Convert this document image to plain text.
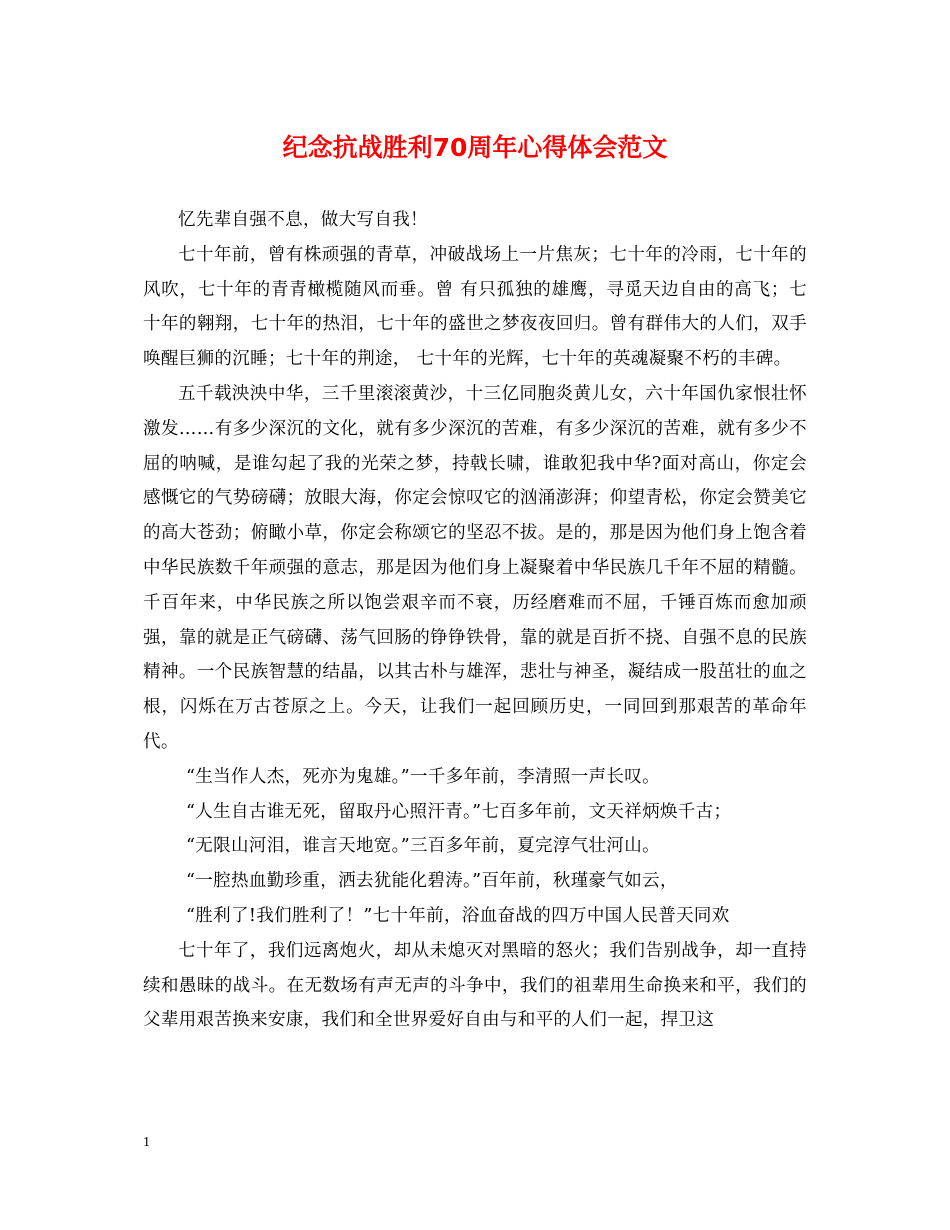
纪念抗战胜利70周年心得体会范文

忆先辈自强不息，做大写自我！

七十年前，曾有株顽强的青草，冲破战场上一片焦灰；七十年的冷雨，七十年的风吹，七十年的青青橄榄随风而垂。曾 有只孤独的雄鹰，寻觅天边自由的高飞；七十年的翱翔，七十年的热泪，七十年的盛世之梦夜夜回归。曾有群伟大的人们，双手唤醒巨狮的沉睡；七十年的荆途， 七十年的光辉，七十年的英魂凝聚不朽的丰碑。

五千载泱泱中华，三千里滚滚黄沙，十三亿同胞炎黄儿女，六十年国仇家恨壮怀激发……有多少深沉的文化，就有多少深沉的苦难，有多少深沉的苦难，就有多少不屈的呐喊，是谁勾起了我的光荣之梦，持戟长啸，谁敢犯我中华?面对高山，你定会感慨它的气势磅礴；放眼大海，你定会惊叹它的汹涌澎湃；仰望青松，你定会赞美它的高大苍劲；俯瞰小草，你定会称颂它的坚忍不拔。是的，那是因为他们身上饱含着中华民族数千年顽强的意志，那是因为他们身上凝聚着中华民族几千年不屈的精髓。千百年来，中华民族之所以饱尝艰辛而不衰，历经磨难而不屈，千锤百炼而愈加顽强，靠的就是正气磅礴、荡气回肠的铮铮铁骨，靠的就是百折不挠、自强不息的民族精神。一个民族智慧的结晶，以其古朴与雄浑，悲壮与神圣，凝结成一股茁壮的血之根，闪烁在万古苍原之上。今天，让我们一起回顾历史，一同回到那艰苦的革命年代。

“生当作人杰，死亦为鬼雄。”一千多年前，李清照一声长叹。

“人生自古谁无死，留取丹心照汗青。”七百多年前，文天祥炳焕千古；

“无限山河泪，谁言天地宽。”三百多年前，夏完淳气壮河山。

“一腔热血勤珍重，洒去犹能化碧涛。”百年前，秋瑾豪气如云，

“胜利了!我们胜利了！”七十年前，浴血奋战的四万中国人民普天同欢

七十年了，我们远离炮火，却从未熄灭对黑暗的怒火；我们告别战争，却一直持续和愚昧的战斗。在无数场有声无声的斗争中，我们的祖辈用生命换来和平，我们的父辈用艰苦换来安康，我们和全世界爱好自由与和平的人们一起，捍卫这

1
